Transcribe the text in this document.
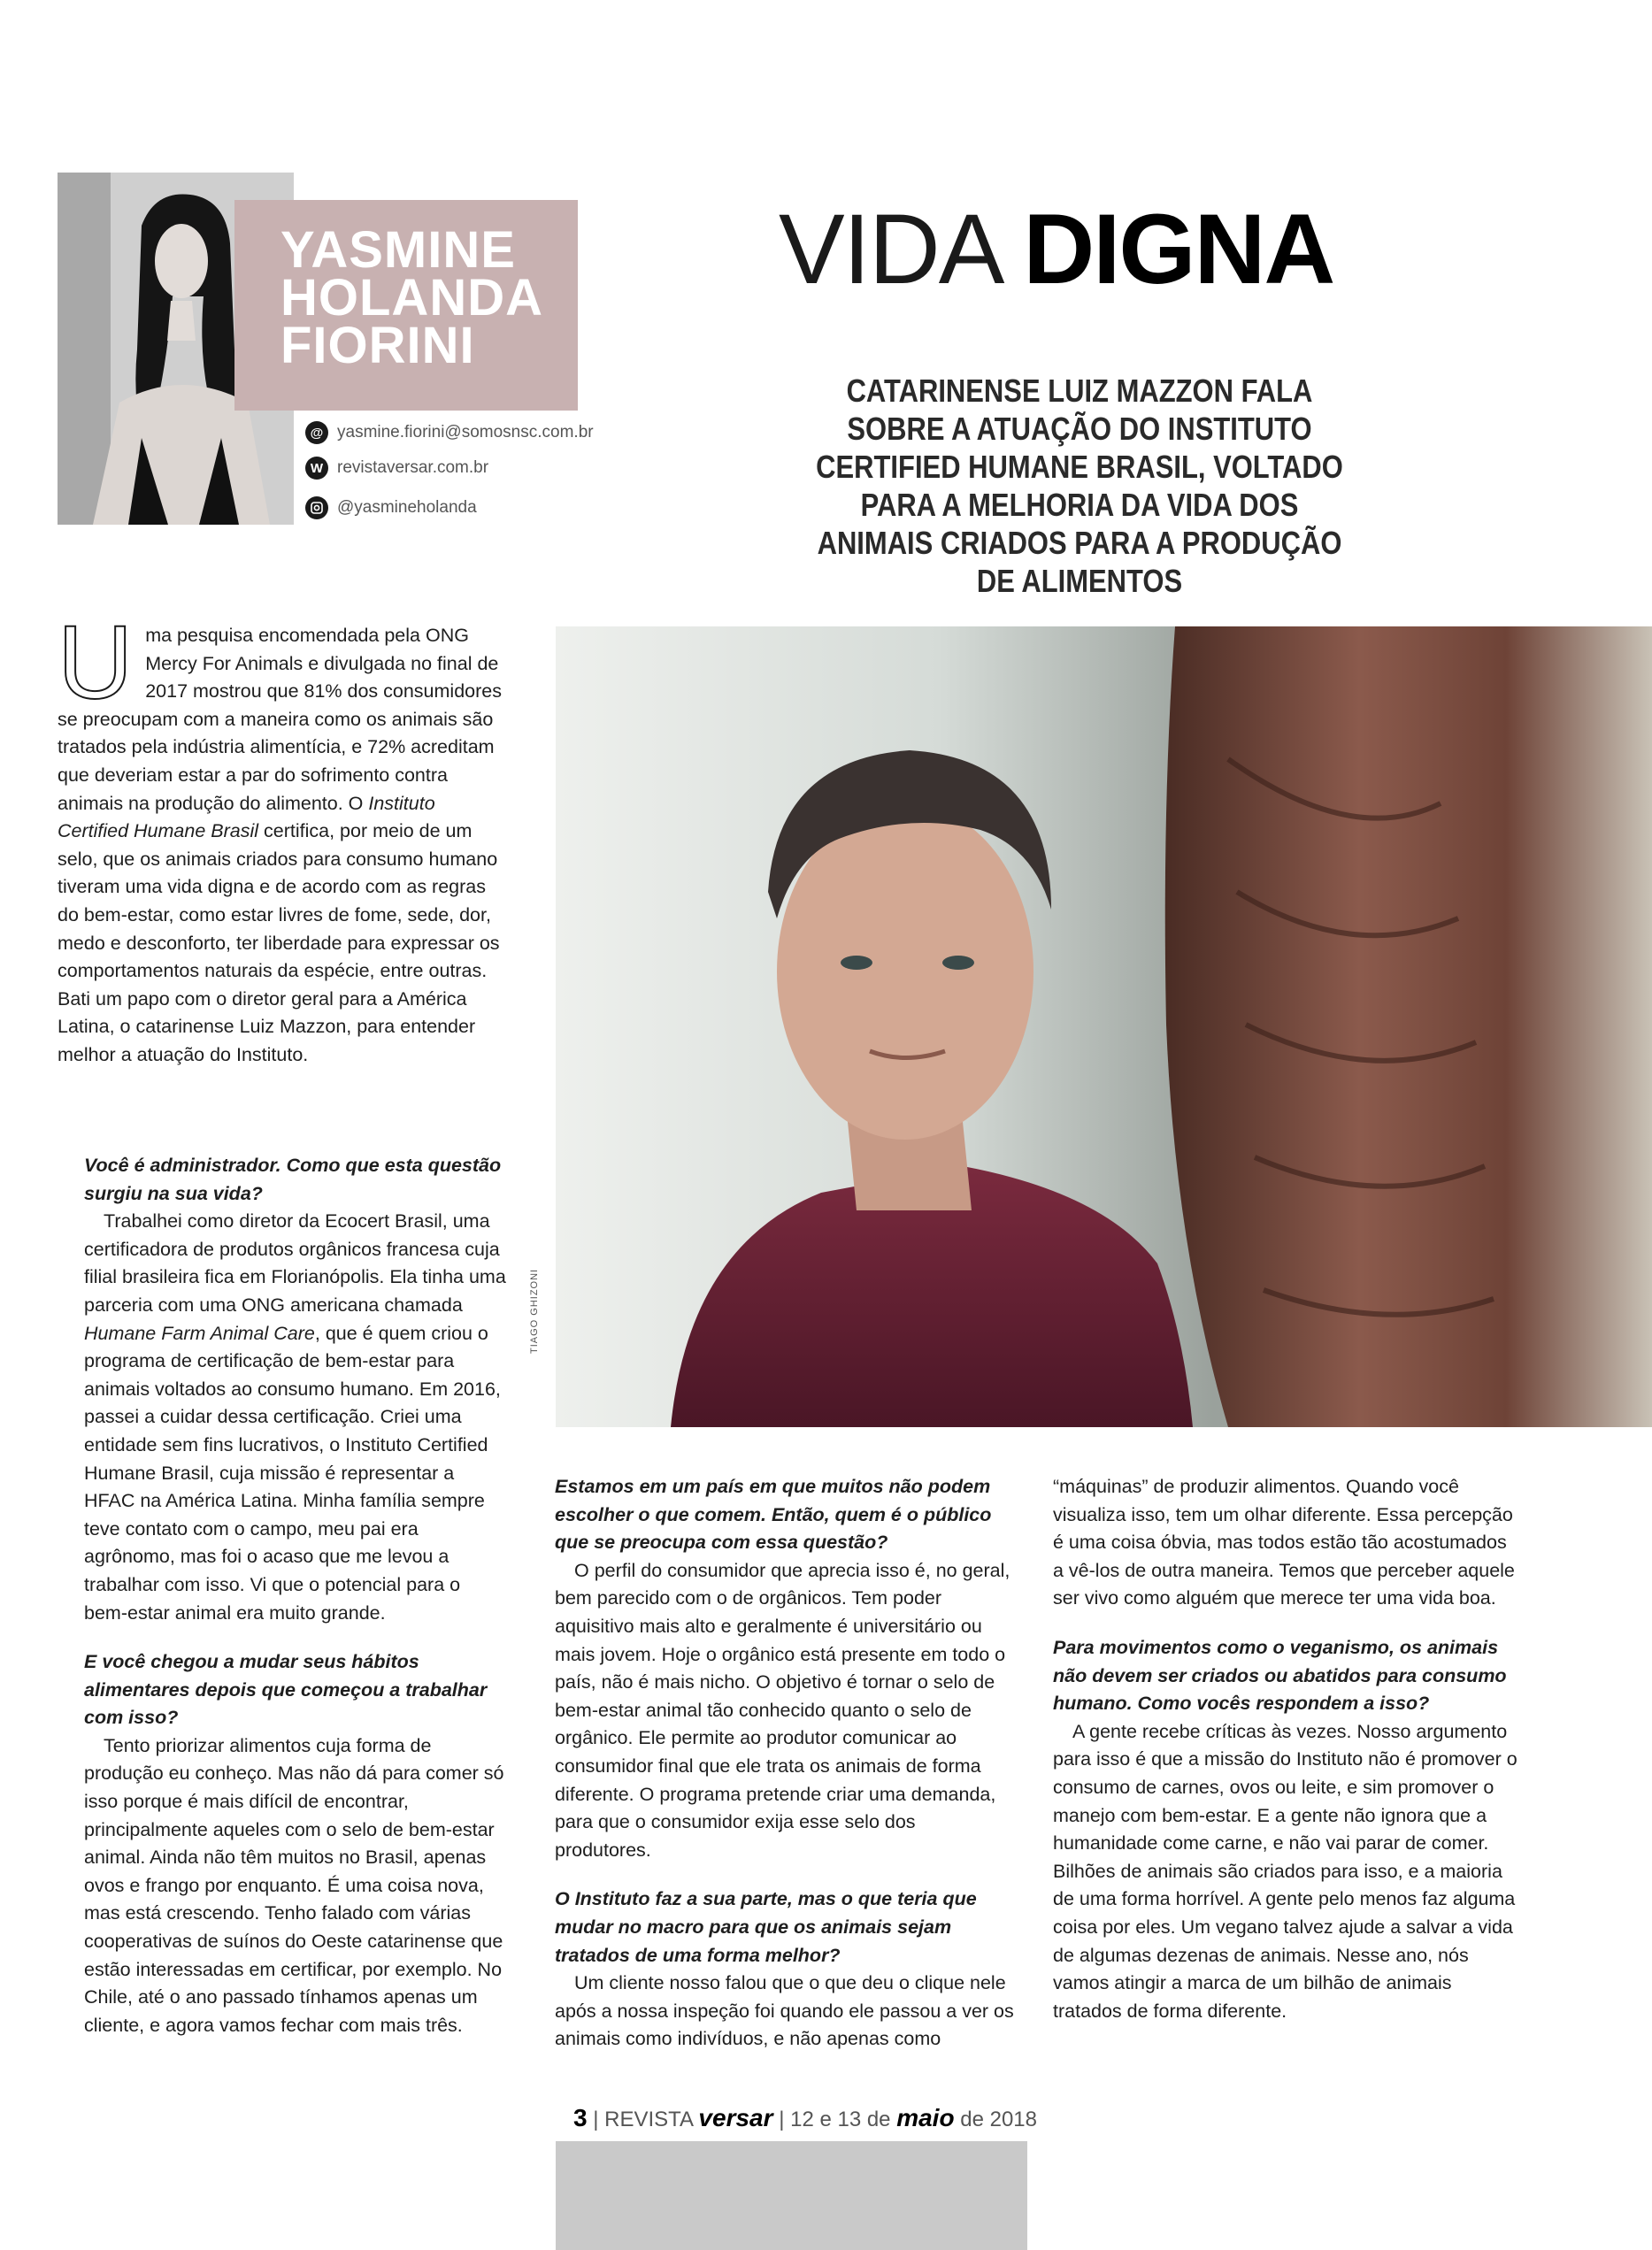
YASMINE
HOLANDA
FIORINI
@ yasmine.fiorini@somosnsc.com.br
W revistaversar.com.br
@yasmineholanda
VIDA DIGNA
CATARINENSE LUIZ MAZZON FALA SOBRE A ATUAÇÃO DO INSTITUTO CERTIFIED HUMANE BRASIL, VOLTADO PARA A MELHORIA DA VIDA DOS ANIMAIS CRIADOS PARA A PRODUÇÃO DE ALIMENTOS

Uma pesquisa encomendada pela ONG Mercy For Animals e divulgada no final de 2017 mostrou que 81% dos consumidores se preocupam com a maneira como os animais são tratados pela indústria alimentícia, e 72% acreditam que deveriam estar a par do sofrimento contra animais na produção do alimento. O Instituto Certified Humane Brasil certifica, por meio de um selo, que os animais criados para consumo humano tiveram uma vida digna e de acordo com as regras do bem-estar, como estar livres de fome, sede, dor, medo e desconforto, ter liberdade para expressar os comportamentos naturais da espécie, entre outras. Bati um papo com o diretor geral para a América Latina, o catarinense Luiz Mazzon, para entender melhor a atuação do Instituto.

Você é administrador. Como que esta questão surgiu na sua vida?

Trabalhei como diretor da Ecocert Brasil, uma certificadora de produtos orgânicos francesa cuja filial brasileira fica em Florianópolis. Ela tinha uma parceria com uma ONG americana chamada Humane Farm Animal Care, que é quem criou o programa de certificação de bem-estar para animais voltados ao consumo humano. Em 2016, passei a cuidar dessa certificação. Criei uma entidade sem fins lucrativos, o Instituto Certified Humane Brasil, cuja missão é representar a HFAC na América Latina. Minha família sempre teve contato com o campo, meu pai era agrônomo, mas foi o acaso que me levou a trabalhar com isso. Vi que o potencial para o bem-estar animal era muito grande.

E você chegou a mudar seus hábitos alimentares depois que começou a trabalhar com isso?

Tento priorizar alimentos cuja forma de produção eu conheço. Mas não dá para comer só isso porque é mais difícil de encontrar, principalmente aqueles com o selo de bem-estar animal. Ainda não têm muitos no Brasil, apenas ovos e frango por enquanto. É uma coisa nova, mas está crescendo. Tenho falado com várias cooperativas de suínos do Oeste catarinense que estão interessadas em certificar, por exemplo. No Chile, até o ano passado tínhamos apenas um cliente, e agora vamos fechar com mais três.

TIAGO GHIZONI

Estamos em um país em que muitos não podem escolher o que comem. Então, quem é o público que se preocupa com essa questão?

O perfil do consumidor que aprecia isso é, no geral, bem parecido com o de orgânicos. Tem poder aquisitivo mais alto e geralmente é universitário ou mais jovem. Hoje o orgânico está presente em todo o país, não é mais nicho. O objetivo é tornar o selo de bem-estar animal tão conhecido quanto o selo de orgânico. Ele permite ao produtor comunicar ao consumidor final que ele trata os animais de forma diferente. O programa pretende criar uma demanda, para que o consumidor exija esse selo dos produtores.

O Instituto faz a sua parte, mas o que teria que mudar no macro para que os animais sejam tratados de uma forma melhor?

Um cliente nosso falou que o que deu o clique nele após a nossa inspeção foi quando ele passou a ver os animais como indivíduos, e não apenas como

“máquinas” de produzir alimentos. Quando você visualiza isso, tem um olhar diferente. Essa percepção é uma coisa óbvia, mas todos estão tão acostumados a vê-los de outra maneira. Temos que perceber aquele ser vivo como alguém que merece ter uma vida boa.

Para movimentos como o veganismo, os animais não devem ser criados ou abatidos para consumo humano. Como vocês respondem a isso?

A gente recebe críticas às vezes. Nosso argumento para isso é que a missão do Instituto não é promover o consumo de carnes, ovos ou leite, e sim promover o manejo com bem-estar. E a gente não ignora que a humanidade come carne, e não vai parar de comer. Bilhões de animais são criados para isso, e a maioria de uma forma horrível. A gente pelo menos faz alguma coisa por eles. Um vegano talvez ajude a salvar a vida de algumas dezenas de animais. Nesse ano, nós vamos atingir a marca de um bilhão de animais tratados de forma diferente.

3 | REVISTA versar | 12 e 13 de maio de 2018
